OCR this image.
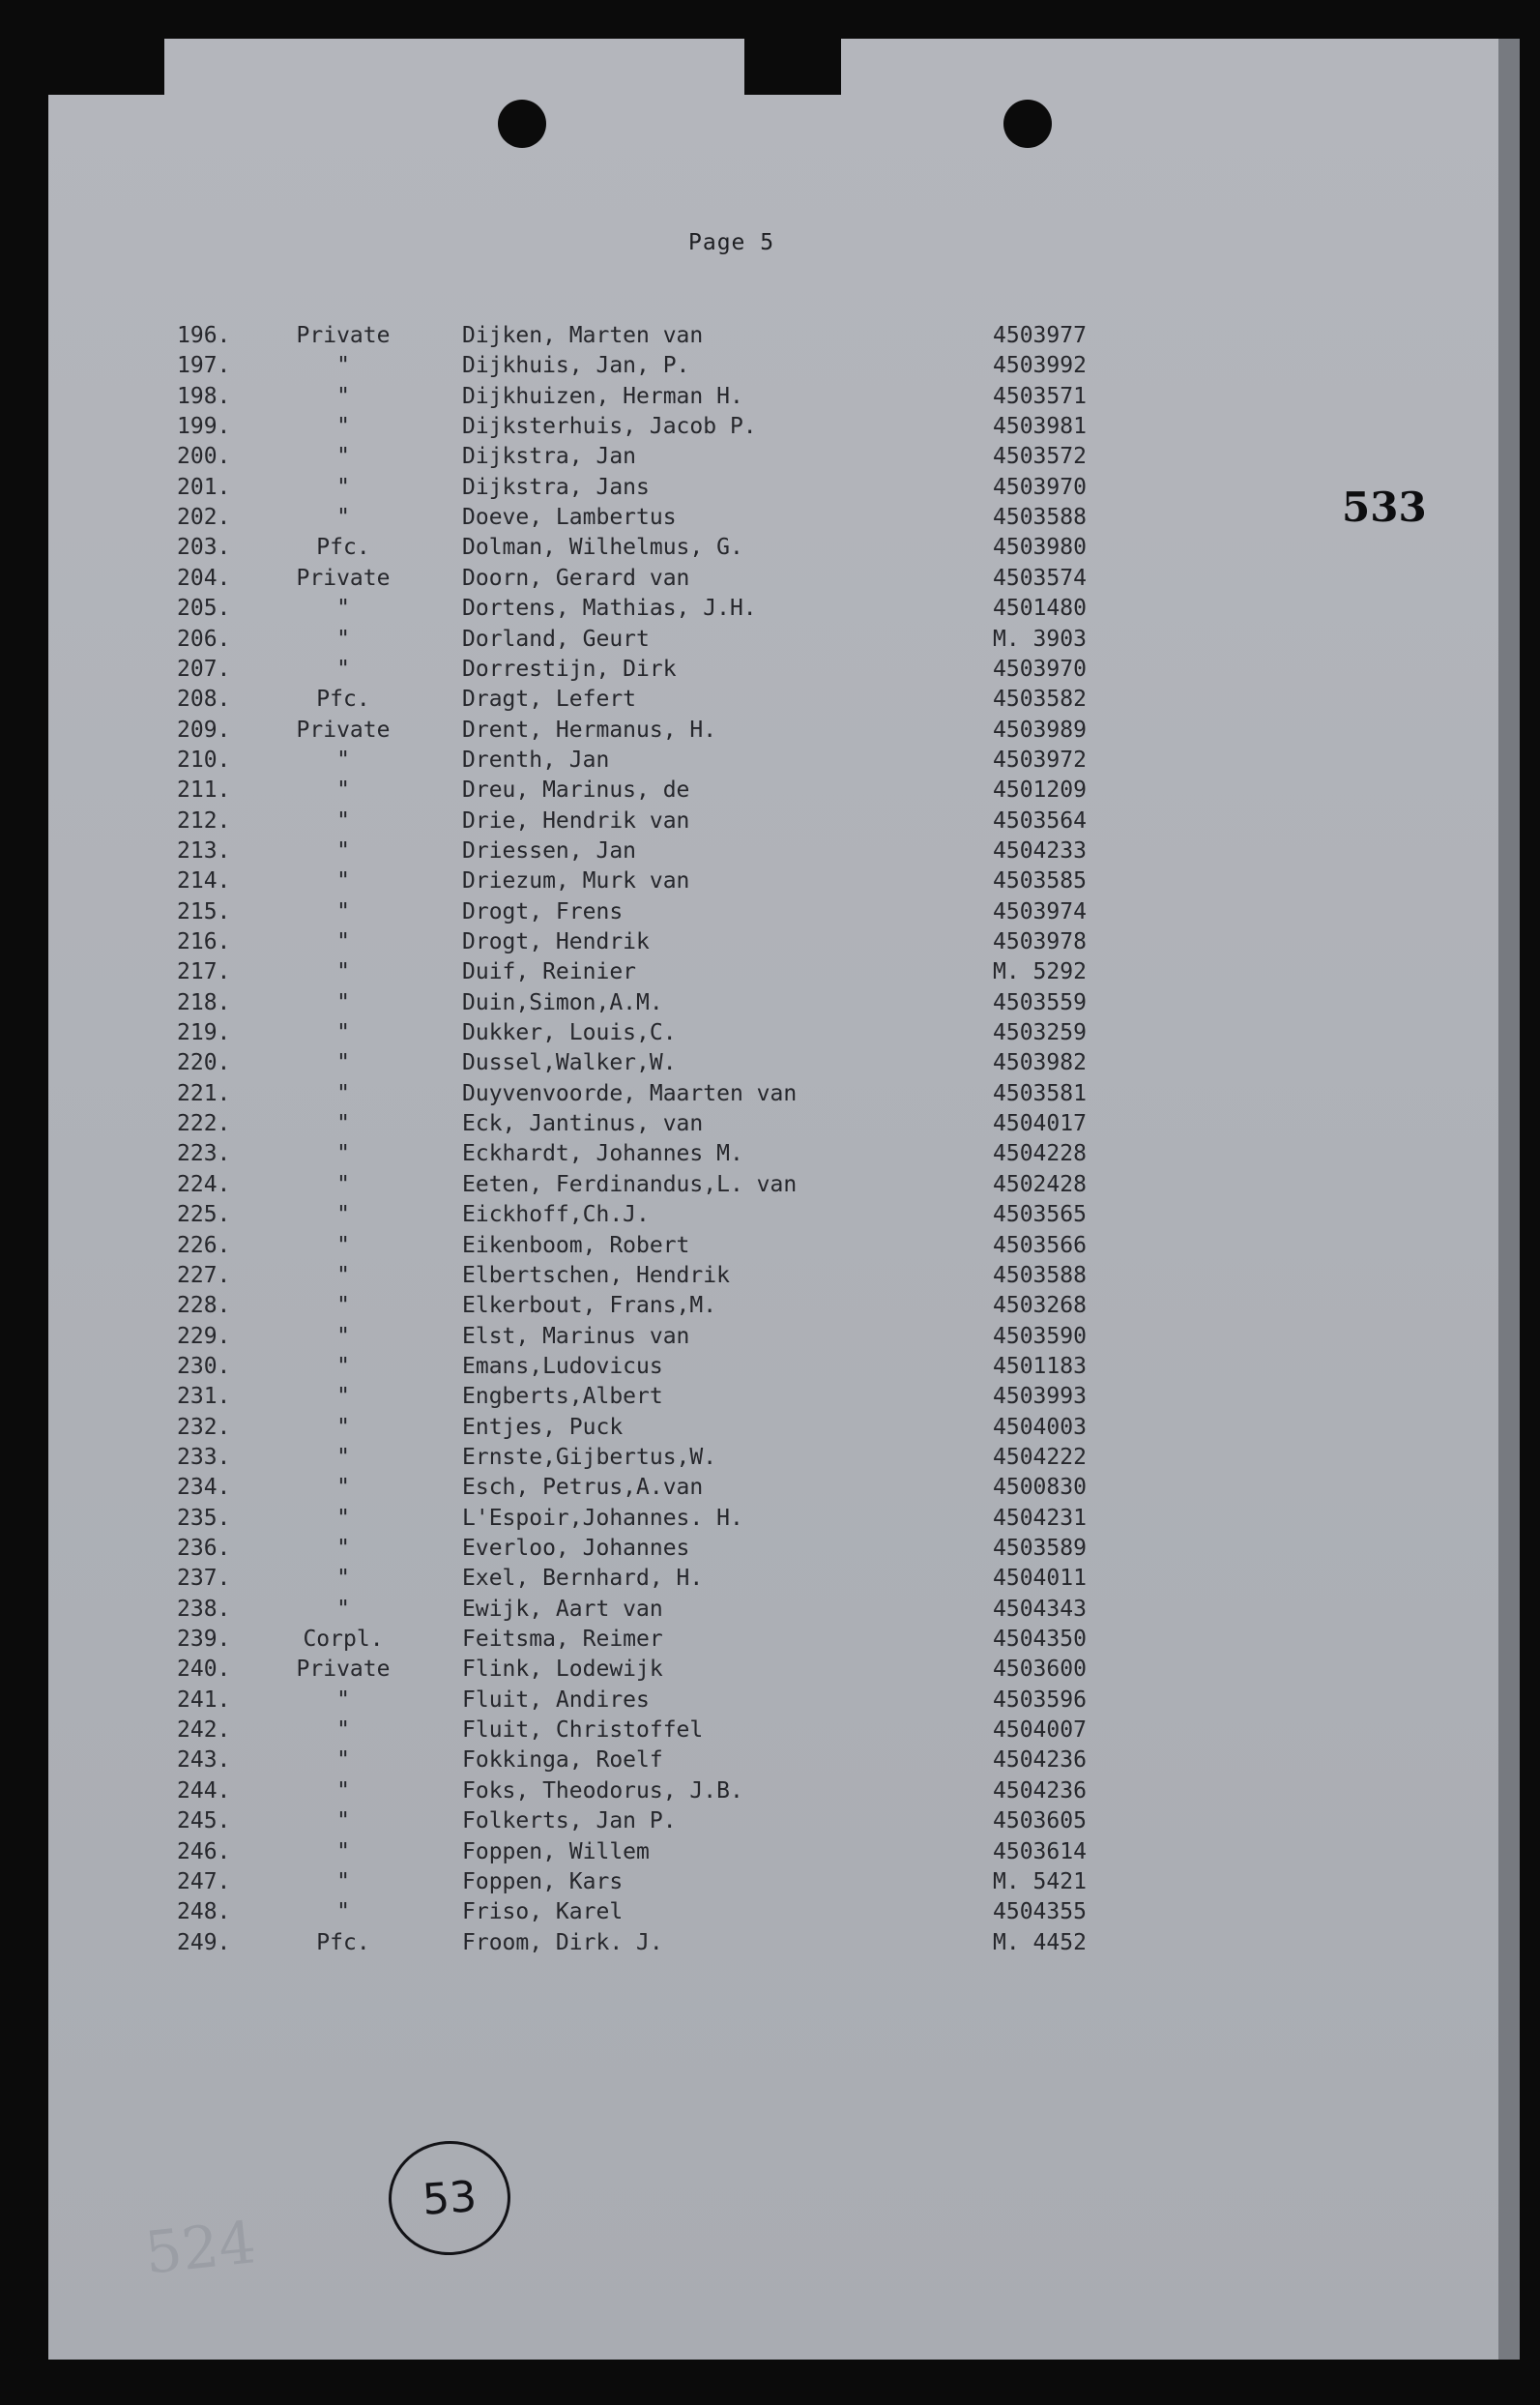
Page 5
533
196.	Private	Dijken, Marten van	4503977
197.	"	Dijkhuis, Jan, P.	4503992
198.	"	Dijkhuizen, Herman H.	4503571
199.	"	Dijksterhuis, Jacob P.	4503981
200.	"	Dijkstra, Jan	4503572
201.	"	Dijkstra, Jans	4503970
202.	"	Doeve, Lambertus	4503588
203.	Pfc.	Dolman, Wilhelmus, G.	4503980
204.	Private	Doorn, Gerard van	4503574
205.	"	Dortens, Mathias, J.H.	4501480
206.	"	Dorland, Geurt	M. 3903
207.	"	Dorrestijn, Dirk	4503970
208.	Pfc.	Dragt, Lefert	4503582
209.	Private	Drent, Hermanus, H.	4503989
210.	"	Drenth, Jan	4503972
211.	"	Dreu, Marinus, de	4501209
212.	"	Drie, Hendrik van	4503564
213.	"	Driessen, Jan	4504233
214.	"	Driezum, Murk van	4503585
215.	"	Drogt, Frens	4503974
216.	"	Drogt, Hendrik	4503978
217.	"	Duif, Reinier	M. 5292
218.	"	Duin,Simon,A.M.	4503559
219.	"	Dukker, Louis,C.	4503259
220.	"	Dussel,Walker,W.	4503982
221.	"	Duyvenvoorde, Maarten van	4503581
222.	"	Eck, Jantinus, van	4504017
223.	"	Eckhardt, Johannes M.	4504228
224.	"	Eeten, Ferdinandus,L. van	4502428
225.	"	Eickhoff,Ch.J.	4503565
226.	"	Eikenboom, Robert	4503566
227.	"	Elbertschen, Hendrik	4503588
228.	"	Elkerbout, Frans,M.	4503268
229.	"	Elst, Marinus van	4503590
230.	"	Emans,Ludovicus	4501183
231.	"	Engberts,Albert	4503993
232.	"	Entjes, Puck	4504003
233.	"	Ernste,Gijbertus,W.	4504222
234.	"	Esch, Petrus,A.van	4500830
235.	"	L'Espoir,Johannes. H.	4504231
236.	"	Everloo, Johannes	4503589
237.	"	Exel, Bernhard, H.	4504011
238.	"	Ewijk, Aart van	4504343
239.	Corpl.	Feitsma, Reimer	4504350
240.	Private	Flink, Lodewijk	4503600
241.	"	Fluit, Andires	4503596
242.	"	Fluit, Christoffel	4504007
243.	"	Fokkinga, Roelf	4504236
244.	"	Foks, Theodorus, J.B.	4504236
245.	"	Folkerts, Jan P.	4503605
246.	"	Foppen, Willem	4503614
247.	"	Foppen, Kars	M. 5421
248.	"	Friso, Karel	4504355
249.	Pfc.	Froom, Dirk. J.	M. 4452
53
524
